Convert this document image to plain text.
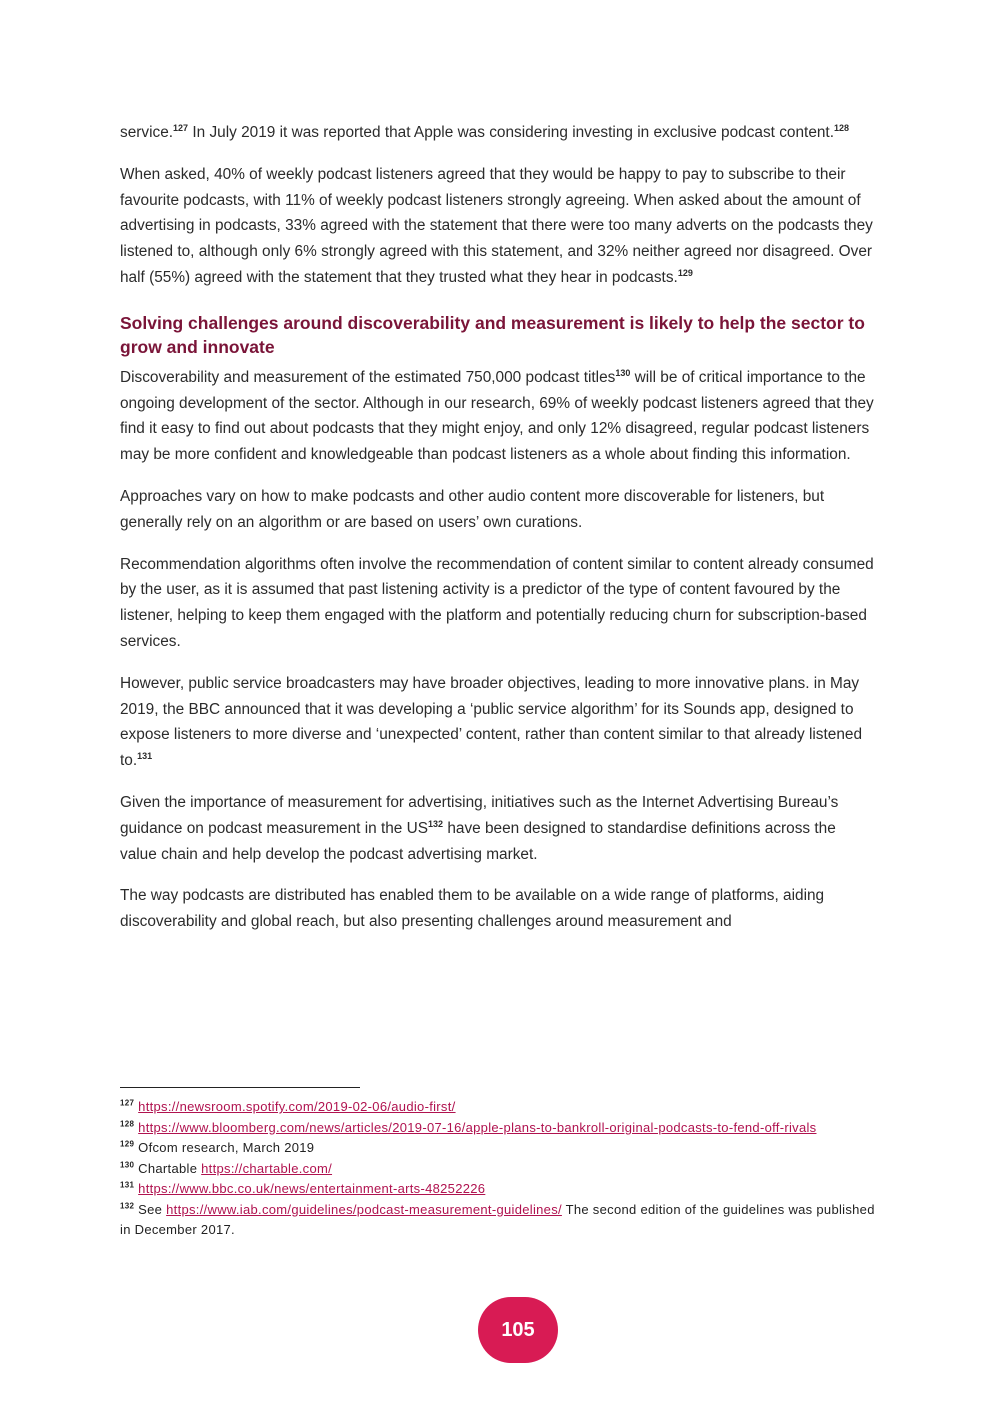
service.$^{127}$ In July 2019 it was reported that Apple was considering investing in exclusive podcast content.$^{128}$

When asked, 40% of weekly podcast listeners agreed that they would be happy to pay to subscribe to their favourite podcasts, with 11% of weekly podcast listeners strongly agreeing. When asked about the amount of advertising in podcasts, 33% agreed with the statement that there were too many adverts on the podcasts they listened to, although only 6% strongly agreed with this statement, and 32% neither agreed nor disagreed. Over half (55%) agreed with the statement that they trusted what they hear in podcasts.$^{129}$

Solving challenges around discoverability and measurement is likely to help the sector to grow and innovate

Discoverability and measurement of the estimated 750,000 podcast titles$^{130}$ will be of critical importance to the ongoing development of the sector. Although in our research, 69% of weekly podcast listeners agreed that they find it easy to find out about podcasts that they might enjoy, and only 12% disagreed, regular podcast listeners may be more confident and knowledgeable than podcast listeners as a whole about finding this information.

Approaches vary on how to make podcasts and other audio content more discoverable for listeners, but generally rely on an algorithm or are based on users’ own curations.

Recommendation algorithms often involve the recommendation of content similar to content already consumed by the user, as it is assumed that past listening activity is a predictor of the type of content favoured by the listener, helping to keep them engaged with the platform and potentially reducing churn for subscription-based services.

However, public service broadcasters may have broader objectives, leading to more innovative plans. in May 2019, the BBC announced that it was developing a ‘public service algorithm’ for its Sounds app, designed to expose listeners to more diverse and ‘unexpected’ content, rather than content similar to that already listened to.$^{131}$

Given the importance of measurement for advertising, initiatives such as the Internet Advertising Bureau’s guidance on podcast measurement in the US$^{132}$ have been designed to standardise definitions across the value chain and help develop the podcast advertising market.

The way podcasts are distributed has enabled them to be available on a wide range of platforms, aiding discoverability and global reach, but also presenting challenges around measurement and

$^{127}$ https://newsroom.spotify.com/2019-02-06/audio-first/

$^{128}$ https://www.bloomberg.com/news/articles/2019-07-16/apple-plans-to-bankroll-original-podcasts-to-fend-off-rivals

$^{129}$ Ofcom research, March 2019

$^{130}$ Chartable https://chartable.com/

$^{131}$ https://www.bbc.co.uk/news/entertainment-arts-48252226

$^{132}$ See https://www.iab.com/guidelines/podcast-measurement-guidelines/ The second edition of the guidelines was published in December 2017.

105
